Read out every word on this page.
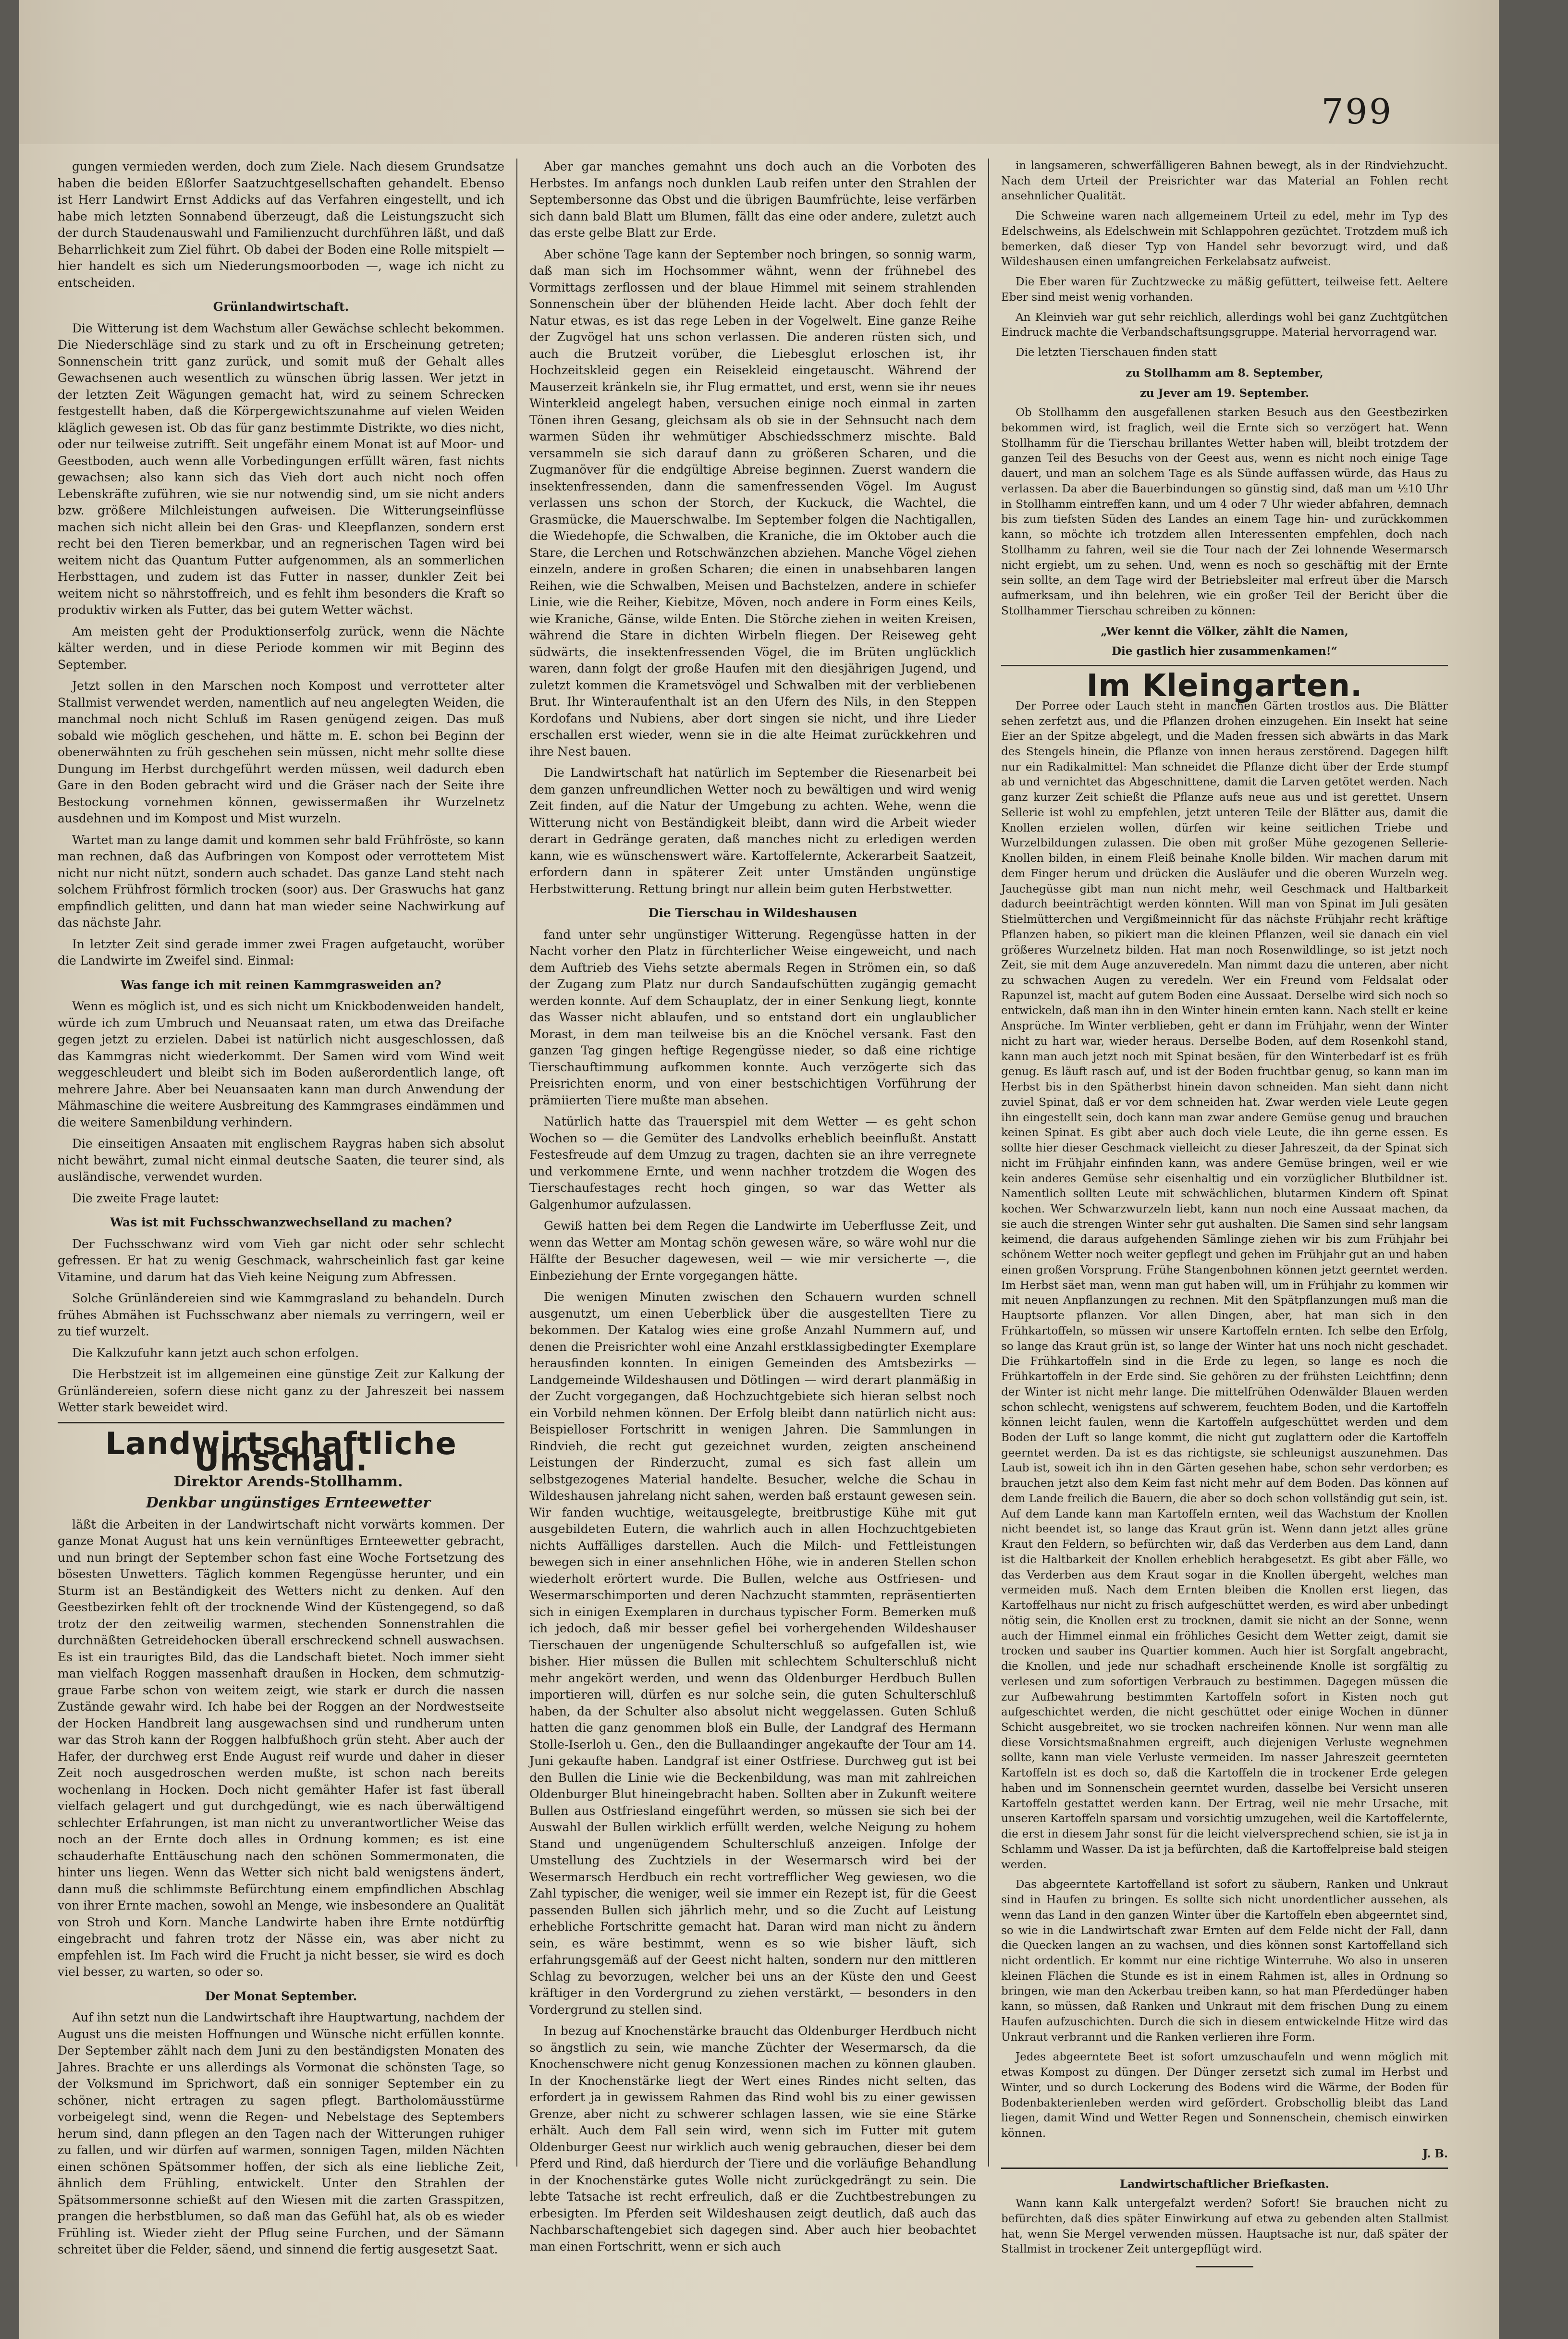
799

gungen vermieden werden, doch zum Ziele. Nach diesem Grundsatze haben die beiden Eßlorfer Saatzuchtgesellschaften gehandelt. Ebenso ist Herr Landwirt Ernst Addicks auf das Verfahren eingestellt, und ich habe mich letzten Sonnabend überzeugt, daß die Leistungszucht sich der durch Staudenauswahl und Familienzucht durchführen läßt, und daß Beharrlichkeit zum Ziel führt. Ob dabei der Boden eine Rolle mitspielt — hier handelt es sich um Niederungsmoorboden —, wage ich nicht zu entscheiden.

Grünlandwirtschaft.

Die Witterung ist dem Wachstum aller Gewächse schlecht bekommen. Die Niederschläge sind zu stark und zu oft in Erscheinung getreten; Sonnenschein tritt ganz zurück, und somit muß der Gehalt alles Gewachsenen auch wesentlich zu wünschen übrig lassen. Wer jetzt in der letzten Zeit Wägungen gemacht hat, wird zu seinem Schrecken festgestellt haben, daß die Körpergewichtszunahme auf vielen Weiden kläglich gewesen ist. Ob das für ganz bestimmte Distrikte, wo dies nicht, oder nur teilweise zutrifft. Seit ungefähr einem Monat ist auf Moor- und Geestboden, auch wenn alle Vorbedingungen erfüllt wären, fast nichts gewachsen; also kann sich das Vieh dort auch nicht noch offen Lebenskräfte zuführen, wie sie nur notwendig sind, um sie nicht anders bzw. größere Milchleistungen aufweisen. Die Witterungseinflüsse machen sich nicht allein bei den Gras- und Kleepflanzen, sondern erst recht bei den Tieren bemerkbar, und an regnerischen Tagen wird bei weitem nicht das Quantum Futter aufgenommen, als an sommerlichen Herbsttagen, und zudem ist das Futter in nasser, dunkler Zeit bei weitem nicht so nährstoffreich, und es fehlt ihm besonders die Kraft so produktiv wirken als Futter, das bei gutem Wetter wächst.

Am meisten geht der Produktionserfolg zurück, wenn die Nächte kälter werden, und in diese Periode kommen wir mit Beginn des September.

Jetzt sollen in den Marschen noch Kompost und verrotteter alter Stallmist verwendet werden, namentlich auf neu angelegten Weiden, die manchmal noch nicht Schluß im Rasen genügend zeigen. Das muß sobald wie möglich geschehen, und hätte m. E. schon bei Beginn der obenerwähnten zu früh geschehen sein müssen, nicht mehr sollte diese Dungung im Herbst durchgeführt werden müssen, weil dadurch eben Gare in den Boden gebracht wird und die Gräser nach der Seite ihre Bestockung vornehmen können, gewissermaßen ihr Wurzelnetz ausdehnen und im Kompost und Mist wurzeln.

Wartet man zu lange damit und kommen sehr bald Frühfröste, so kann man rechnen, daß das Aufbringen von Kompost oder verrottetem Mist nicht nur nicht nützt, sondern auch schadet. Das ganze Land steht nach solchem Frühfrost förmlich trocken (soor) aus. Der Graswuchs hat ganz empfindlich gelitten, und dann hat man wieder seine Nachwirkung auf das nächste Jahr.

In letzter Zeit sind gerade immer zwei Fragen aufgetaucht, worüber die Landwirte im Zweifel sind. Einmal:

Was fange ich mit reinen Kammgrasweiden an?

Wenn es möglich ist, und es sich nicht um Knickbodenweiden handelt, würde ich zum Umbruch und Neuansaat raten, um etwa das Dreifache gegen jetzt zu erzielen. Dabei ist natürlich nicht ausgeschlossen, daß das Kammgras nicht wiederkommt. Der Samen wird vom Wind weit weggeschleudert und bleibt sich im Boden außerordentlich lange, oft mehrere Jahre. Aber bei Neuansaaten kann man durch Anwendung der Mähmaschine die weitere Ausbreitung des Kammgrases eindämmen und die weitere Samenbildung verhindern.

Die einseitigen Ansaaten mit englischem Raygras haben sich absolut nicht bewährt, zumal nicht einmal deutsche Saaten, die teurer sind, als ausländische, verwendet wurden.

Die zweite Frage lautet:

Was ist mit Fuchsschwanzwechselland zu machen?

Der Fuchsschwanz wird vom Vieh gar nicht oder sehr schlecht gefressen. Er hat zu wenig Geschmack, wahrscheinlich fast gar keine Vitamine, und darum hat das Vieh keine Neigung zum Abfressen.

Solche Grünländereien sind wie Kammgrasland zu behandeln. Durch frühes Abmähen ist Fuchsschwanz aber niemals zu verringern, weil er zu tief wurzelt.

Die Kalkzufuhr kann jetzt auch schon erfolgen.

Die Herbstzeit ist im allgemeinen eine günstige Zeit zur Kalkung der Grünländereien, sofern diese nicht ganz zu der Jahreszeit bei nassem Wetter stark beweidet wird.

Landwirtschaftliche Umschau.

Direktor Arends-Stollhamm.

Denkbar ungünstiges Ernteewetter

läßt die Arbeiten in der Landwirtschaft nicht vorwärts kommen. Der ganze Monat August hat uns kein vernünftiges Ernteewetter gebracht, und nun bringt der September schon fast eine Woche Fortsetzung des bösesten Unwetters. Täglich kommen Regengüsse herunter, und ein Sturm ist an Beständigkeit des Wetters nicht zu denken. Auf den Geestbezirken fehlt oft der trocknende Wind der Küstengegend, so daß trotz der den zeitweilig warmen, stechenden Sonnenstrahlen die durchnäßten Getreidehocken überall erschreckend schnell auswachsen. Es ist ein traurigtes Bild, das die Landschaft bietet. Noch immer sieht man vielfach Roggen massenhaft draußen in Hocken, dem schmutzig-graue Farbe schon von weitem zeigt, wie stark er durch die nassen Zustände gewahr wird. Ich habe bei der Roggen an der Nordwestseite der Hocken Handbreit lang ausgewachsen sind und rundherum unten war das Stroh kann der Roggen halbfußhoch grün steht. Aber auch der Hafer, der durchweg erst Ende August reif wurde und daher in dieser Zeit noch ausgedroschen werden mußte, ist schon nach bereits wochenlang in Hocken. Doch nicht gemähter Hafer ist fast überall vielfach gelagert und gut durchgedüngt, wie es nach überwältigend schlechter Erfahrungen, ist man nicht zu unverantwortlicher Weise das noch an der Ernte doch alles in Ordnung kommen; es ist eine schauderhafte Enttäuschung nach den schönen Sommermonaten, die hinter uns liegen. Wenn das Wetter sich nicht bald wenigstens ändert, dann muß die schlimmste Befürchtung einem empfindlichen Abschlag von ihrer Ernte machen, sowohl an Menge, wie insbesondere an Qualität von Stroh und Korn. Manche Landwirte haben ihre Ernte notdürftig eingebracht und fahren trotz der Nässe ein, was aber nicht zu empfehlen ist. Im Fach wird die Frucht ja nicht besser, sie wird es doch viel besser, zu warten, so oder so.

Der Monat September.

Auf ihn setzt nun die Landwirtschaft ihre Hauptwartung, nachdem der August uns die meisten Hoffnungen und Wünsche nicht erfüllen konnte. Der September zählt nach dem Juni zu den beständigsten Monaten des Jahres. Brachte er uns allerdings als Vormonat die schönsten Tage, so der Volksmund im Sprichwort, daß ein sonniger September ein zu schöner, nicht ertragen zu sagen pflegt. Bartholomäusstürme vorbeigelegt sind, wenn die Regen- und Nebelstage des Septembers herum sind, dann pflegen an den Tagen nach der Witterungen ruhiger zu fallen, und wir dürfen auf warmen, sonnigen Tagen, milden Nächten einen schönen Spätsommer hoffen, der sich als eine liebliche Zeit, ähnlich dem Frühling, entwickelt. Unter den Strahlen der Spätsommersonne schießt auf den Wiesen mit die zarten Grasspitzen, prangen die herbstblumen, so daß man das Gefühl hat, als ob es wieder Frühling ist. Wieder zieht der Pflug seine Furchen, und der Sämann schreitet über die Felder, säend, und sinnend die fertig ausgesetzt Saat.

Aber gar manches gemahnt uns doch auch an die Vorboten des Herbstes. Im anfangs noch dunklen Laub reifen unter den Strahlen der Septembersonne das Obst und die übrigen Baumfrüchte, leise verfärben sich dann bald Blatt um Blumen, fällt das eine oder andere, zuletzt auch das erste gelbe Blatt zur Erde.

Aber schöne Tage kann der September noch bringen, so sonnig warm, daß man sich im Hochsommer wähnt, wenn der frühnebel des Vormittags zerflossen und der blaue Himmel mit seinem strahlenden Sonnenschein über der blühenden Heide lacht. Aber doch fehlt der Natur etwas, es ist das rege Leben in der Vogelwelt. Eine ganze Reihe der Zugvögel hat uns schon verlassen. Die anderen rüsten sich, und auch die Brutzeit vorüber, die Liebesglut erloschen ist, ihr Hochzeitskleid gegen ein Reisekleid eingetauscht. Während der Mauserzeit kränkeln sie, ihr Flug ermattet, und erst, wenn sie ihr neues Winterkleid angelegt haben, versuchen einige noch einmal in zarten Tönen ihren Gesang, gleichsam als ob sie in der Sehnsucht nach dem warmen Süden ihr wehmütiger Abschiedsschmerz mischte. Bald versammeln sie sich darauf dann zu größeren Scharen, und die Zugmanöver für die endgültige Abreise beginnen. Zuerst wandern die insektenfressenden, dann die samenfressenden Vögel. Im August verlassen uns schon der Storch, der Kuckuck, die Wachtel, die Grasmücke, die Mauerschwalbe. Im September folgen die Nachtigallen, die Wiedehopfe, die Schwalben, die Kraniche, die im Oktober auch die Stare, die Lerchen und Rotschwänzchen abziehen. Manche Vögel ziehen einzeln, andere in großen Scharen; die einen in unabsehbaren langen Reihen, wie die Schwalben, Meisen und Bachstelzen, andere in schiefer Linie, wie die Reiher, Kiebitze, Möven, noch andere in Form eines Keils, wie Kraniche, Gänse, wilde Enten. Die Störche ziehen in weiten Kreisen, während die Stare in dichten Wirbeln fliegen. Der Reiseweg geht südwärts, die insektenfressenden Vögel, die im Brüten unglücklich waren, dann folgt der große Haufen mit den diesjährigen Jugend, und zuletzt kommen die Krametsvögel und Schwalben mit der verbliebenen Brut. Ihr Winteraufenthalt ist an den Ufern des Nils, in den Steppen Kordofans und Nubiens, aber dort singen sie nicht, und ihre Lieder erschallen erst wieder, wenn sie in die alte Heimat zurückkehren und ihre Nest bauen.

Die Landwirtschaft hat natürlich im September die Riesenarbeit bei dem ganzen unfreundlichen Wetter noch zu bewältigen und wird wenig Zeit finden, auf die Natur der Umgebung zu achten. Wehe, wenn die Witterung nicht von Beständigkeit bleibt, dann wird die Arbeit wieder derart in Gedränge geraten, daß manches nicht zu erledigen werden kann, wie es wünschenswert wäre. Kartoffelernte, Ackerarbeit Saatzeit, erfordern dann in späterer Zeit unter Umständen ungünstige Herbstwitterung. Rettung bringt nur allein beim guten Herbstwetter.

Die Tierschau in Wildeshausen

fand unter sehr ungünstiger Witterung. Regengüsse hatten in der Nacht vorher den Platz in fürchterlicher Weise eingeweicht, und nach dem Auftrieb des Viehs setzte abermals Regen in Strömen ein, so daß der Zugang zum Platz nur durch Sandaufschütten zugängig gemacht werden konnte. Auf dem Schauplatz, der in einer Senkung liegt, konnte das Wasser nicht ablaufen, und so entstand dort ein unglaublicher Morast, in dem man teilweise bis an die Knöchel versank. Fast den ganzen Tag gingen heftige Regengüsse nieder, so daß eine richtige Tierschauftimmung aufkommen konnte. Auch verzögerte sich das Preisrichten enorm, und von einer bestschichtigen Vorführung der prämiierten Tiere mußte man absehen.

Natürlich hatte das Trauerspiel mit dem Wetter — es geht schon Wochen so — die Gemüter des Landvolks erheblich beeinflußt. Anstatt Festesfreude auf dem Umzug zu tragen, dachten sie an ihre verregnete und verkommene Ernte, und wenn nachher trotzdem die Wogen des Tierschaufestages recht hoch gingen, so war das Wetter als Galgenhumor aufzulassen.

Gewiß hatten bei dem Regen die Landwirte im Ueberflusse Zeit, und wenn das Wetter am Montag schön gewesen wäre, so wäre wohl nur die Hälfte der Besucher dagewesen, weil — wie mir versicherte —, die Einbeziehung der Ernte vorgegangen hätte.

Die wenigen Minuten zwischen den Schauern wurden schnell ausgenutzt, um einen Ueberblick über die ausgestellten Tiere zu bekommen. Der Katalog wies eine große Anzahl Nummern auf, und denen die Preisrichter wohl eine Anzahl erstklassigbedingter Exemplare herausfinden konnten. In einigen Gemeinden des Amtsbezirks — Landgemeinde Wildeshausen und Dötlingen — wird derart planmäßig in der Zucht vorgegangen, daß Hochzuchtgebiete sich hieran selbst noch ein Vorbild nehmen können. Der Erfolg bleibt dann natürlich nicht aus: Beispielloser Fortschritt in wenigen Jahren. Die Sammlungen in Rindvieh, die recht gut gezeichnet wurden, zeigten anscheinend Leistungen der Rinderzucht, zumal es sich fast allein um selbstgezogenes Material handelte. Besucher, welche die Schau in Wildeshausen jahrelang nicht sahen, werden baß erstaunt gewesen sein. Wir fanden wuchtige, weitausgelegte, breitbrustige Kühe mit gut ausgebildeten Eutern, die wahrlich auch in allen Hochzuchtgebieten nichts Auffälliges darstellen. Auch die Milch- und Fettleistungen bewegen sich in einer ansehnlichen Höhe, wie in anderen Stellen schon wiederholt erörtert wurde. Die Bullen, welche aus Ostfriesen- und Wesermarschimporten und deren Nachzucht stammten, repräsentierten sich in einigen Exemplaren in durchaus typischer Form. Bemerken muß ich jedoch, daß mir besser gefiel bei vorhergehenden Wildeshauser Tierschauen der ungenügende Schulterschluß so aufgefallen ist, wie bisher. Hier müssen die Bullen mit schlechtem Schulterschluß nicht mehr angekört werden, und wenn das Oldenburger Herdbuch Bullen importieren will, dürfen es nur solche sein, die guten Schulterschluß haben, da der Schulter also absolut nicht weggelassen. Guten Schluß hatten die ganz genommen bloß ein Bulle, der Landgraf des Hermann Stolle-Iserloh u. Gen., den die Bullaandinger angekaufte der Tour am 14. Juni gekaufte haben. Landgraf ist einer Ostfriese. Durchweg gut ist bei den Bullen die Linie wie die Beckenbildung, was man mit zahlreichen Oldenburger Blut hineingebracht haben. Sollten aber in Zukunft weitere Bullen aus Ostfriesland eingeführt werden, so müssen sie sich bei der Auswahl der Bullen wirklich erfüllt werden, welche Neigung zu hohem Stand und ungenügendem Schulterschluß anzeigen. Infolge der Umstellung des Zuchtziels in der Wesermarsch wird bei der Wesermarsch Herdbuch ein recht vortrefflicher Weg gewiesen, wo die Zahl typischer, die weniger, weil sie immer ein Rezept ist, für die Geest passenden Bullen sich jährlich mehr, und so die Zucht auf Leistung erhebliche Fortschritte gemacht hat. Daran wird man nicht zu ändern sein, es wäre bestimmt, wenn es so wie bisher läuft, sich erfahrungsgemäß auf der Geest nicht halten, sondern nur den mittleren Schlag zu bevorzugen, welcher bei uns an der Küste den und Geest kräftiger in den Vordergrund zu ziehen verstärkt, — besonders in den Vordergrund zu stellen sind.

In bezug auf Knochenstärke braucht das Oldenburger Herdbuch nicht so ängstlich zu sein, wie manche Züchter der Wesermarsch, da die Knochenschwere nicht genug Konzessionen machen zu können glauben. In der Knochenstärke liegt der Wert eines Rindes nicht selten, das erfordert ja in gewissem Rahmen das Rind wohl bis zu einer gewissen Grenze, aber nicht zu schwerer schlagen lassen, wie sie eine Stärke erhält. Auch dem Fall sein wird, wenn sich im Futter mit gutem Oldenburger Geest nur wirklich auch wenig gebrauchen, dieser bei dem Pferd und Rind, daß hierdurch der Tiere und die vorläufige Behandlung in der Knochenstärke gutes Wolle nicht zurückgedrängt zu sein. Die lebte Tatsache ist recht erfreulich, daß er die Zuchtbestrebungen zu erbesigten. Im Pferden seit Wildeshausen zeigt deutlich, daß auch das Nachbarschaftengebiet sich dagegen sind. Aber auch hier beobachtet man einen Fortschritt, wenn er sich auch

in langsameren, schwerfälligeren Bahnen bewegt, als in der Rindviehzucht. Nach dem Urteil der Preisrichter war das Material an Fohlen recht ansehnlicher Qualität.

Die Schweine waren nach allgemeinem Urteil zu edel, mehr im Typ des Edelschweins, als Edelschwein mit Schlappohren gezüchtet. Trotzdem muß ich bemerken, daß dieser Typ von Handel sehr bevorzugt wird, und daß Wildeshausen einen umfangreichen Ferkelabsatz aufweist.

Die Eber waren für Zuchtzwecke zu mäßig gefüttert, teilweise fett. Aeltere Eber sind meist wenig vorhanden.

An Kleinvieh war gut sehr reichlich, allerdings wohl bei ganz Zuchtgütchen Eindruck machte die Verbandschaftsungsgruppe. Material hervorragend war.

Die letzten Tierschauen finden statt

zu Stollhamm am 8. September,

zu Jever am 19. September.

Ob Stollhamm den ausgefallenen starken Besuch aus den Geestbezirken bekommen wird, ist fraglich, weil die Ernte sich so verzögert hat. Wenn Stollhamm für die Tierschau brillantes Wetter haben will, bleibt trotzdem der ganzen Teil des Besuchs von der Geest aus, wenn es nicht noch einige Tage dauert, und man an solchem Tage es als Sünde auffassen würde, das Haus zu verlassen. Da aber die Bauerbindungen so günstig sind, daß man um ½10 Uhr in Stollhamm eintreffen kann, und um 4 oder 7 Uhr wieder abfahren, demnach bis zum tiefsten Süden des Landes an einem Tage hin- und zurückkommen kann, so möchte ich trotzdem allen Interessenten empfehlen, doch nach Stollhamm zu fahren, weil sie die Tour nach der Zei lohnende Wesermarsch nicht ergiebt, um zu sehen. Und, wenn es noch so geschäftig mit der Ernte sein sollte, an dem Tage wird der Betriebsleiter mal erfreut über die Marsch aufmerksam, und ihn belehren, wie ein großer Teil der Bericht über die Stollhammer Tierschau schreiben zu können:

„Wer kennt die Völker, zählt die Namen,

Die gastlich hier zusammenkamen!“

Im Kleingarten.

Der Porree oder Lauch steht in manchen Gärten trostlos aus. Die Blätter sehen zerfetzt aus, und die Pflanzen drohen einzugehen. Ein Insekt hat seine Eier an der Spitze abgelegt, und die Maden fressen sich abwärts in das Mark des Stengels hinein, die Pflanze von innen heraus zerstörend. Dagegen hilft nur ein Radikalmittel: Man schneidet die Pflanze dicht über der Erde stumpf ab und vernichtet das Abgeschnittene, damit die Larven getötet werden. Nach ganz kurzer Zeit schießt die Pflanze aufs neue aus und ist gerettet. Unsern Sellerie ist wohl zu empfehlen, jetzt unteren Teile der Blätter aus, damit die Knollen erzielen wollen, dürfen wir keine seitlichen Triebe und Wurzelbildungen zulassen. Die oben mit großer Mühe gezogenen Sellerie-Knollen bilden, in einem Fleiß beinahe Knolle bilden. Wir machen darum mit dem Finger herum und drücken die Ausläufer und die oberen Wurzeln weg. Jauchegüsse gibt man nun nicht mehr, weil Geschmack und Haltbarkeit dadurch beeinträchtigt werden könnten. Will man von Spinat im Juli gesäten Stielmütterchen und Vergißmeinnicht für das nächste Frühjahr recht kräftige Pflanzen haben, so pikiert man die kleinen Pflanzen, weil sie danach ein viel größeres Wurzelnetz bilden. Hat man noch Rosenwildlinge, so ist jetzt noch Zeit, sie mit dem Auge anzuveredeln. Man nimmt dazu die unteren, aber nicht zu schwachen Augen zu veredeln. Wer ein Freund vom Feldsalat oder Rapunzel ist, macht auf gutem Boden eine Aussaat. Derselbe wird sich noch so entwickeln, daß man ihn in den Winter hinein ernten kann. Nach stellt er keine Ansprüche. Im Winter verblieben, geht er dann im Frühjahr, wenn der Winter nicht zu hart war, wieder heraus. Derselbe Boden, auf dem Rosenkohl stand, kann man auch jetzt noch mit Spinat besäen, für den Winterbedarf ist es früh genug. Es läuft rasch auf, und ist der Boden fruchtbar genug, so kann man im Herbst bis in den Spätherbst hinein davon schneiden. Man sieht dann nicht zuviel Spinat, daß er vor dem schneiden hat. Zwar werden viele Leute gegen ihn eingestellt sein, doch kann man zwar andere Gemüse genug und brauchen keinen Spinat. Es gibt aber auch doch viele Leute, die ihn gerne essen. Es sollte hier dieser Geschmack vielleicht zu dieser Jahreszeit, da der Spinat sich nicht im Frühjahr einfinden kann, was andere Gemüse bringen, weil er wie kein anderes Gemüse sehr eisenhaltig und ein vorzüglicher Blutbildner ist. Namentlich sollten Leute mit schwächlichen, blutarmen Kindern oft Spinat kochen. Wer Schwarzwurzeln liebt, kann nun noch eine Aussaat machen, da sie auch die strengen Winter sehr gut aushalten. Die Samen sind sehr langsam keimend, die daraus aufgehenden Sämlinge ziehen wir bis zum Frühjahr bei schönem Wetter noch weiter gepflegt und gehen im Frühjahr gut an und haben einen großen Vorsprung. Frühe Stangenbohnen können jetzt geerntet werden. Im Herbst säet man, wenn man gut haben will, um in Frühjahr zu kommen wir mit neuen Anpflanzungen zu rechnen. Mit den Spätpflanzungen muß man die Hauptsorte pflanzen. Vor allen Dingen, aber, hat man sich in den Frühkartoffeln, so müssen wir unsere Kartoffeln ernten. Ich selbe den Erfolg, so lange das Kraut grün ist, so lange der Winter hat uns noch nicht geschadet. Die Frühkartoffeln sind in die Erde zu legen, so lange es noch die Frühkartoffeln in der Erde sind. Sie gehören zu der frühsten Leichtfinn; denn der Winter ist nicht mehr lange. Die mittelfrühen Odenwälder Blauen werden schon schlecht, wenigstens auf schwerem, feuchtem Boden, und die Kartoffeln können leicht faulen, wenn die Kartoffeln aufgeschüttet werden und dem Boden der Luft so lange kommt, die nicht gut zuglattern oder die Kartoffeln geerntet werden. Da ist es das richtigste, sie schleunigst auszunehmen. Das Laub ist, soweit ich ihn in den Gärten gesehen habe, schon sehr verdorben; es brauchen jetzt also dem Keim fast nicht mehr auf dem Boden. Das können auf dem Lande freilich die Bauern, die aber so doch schon vollständig gut sein, ist. Auf dem Lande kann man Kartoffeln ernten, weil das Wachstum der Knollen nicht beendet ist, so lange das Kraut grün ist. Wenn dann jetzt alles grüne Kraut den Feldern, so befürchten wir, daß das Verderben aus dem Land, dann ist die Haltbarkeit der Knollen erheblich herabgesetzt. Es gibt aber Fälle, wo das Verderben aus dem Kraut sogar in die Knollen übergeht, welches man vermeiden muß. Nach dem Ernten bleiben die Knollen erst liegen, das Kartoffelhaus nur nicht zu frisch aufgeschüttet werden, es wird aber unbedingt nötig sein, die Knollen erst zu trocknen, damit sie nicht an der Sonne, wenn auch der Himmel einmal ein fröhliches Gesicht dem Wetter zeigt, damit sie trocken und sauber ins Quartier kommen. Auch hier ist Sorgfalt angebracht, die Knollen, und jede nur schadhaft erscheinende Knolle ist sorgfältig zu verlesen und zum sofortigen Verbrauch zu bestimmen. Dagegen müssen die zur Aufbewahrung bestimmten Kartoffeln sofort in Kisten noch gut aufgeschichtet werden, die nicht geschüttet oder einige Wochen in dünner Schicht ausgebreitet, wo sie trocken nachreifen können. Nur wenn man alle diese Vorsichtsmaßnahmen ergreift, auch diejenigen Verluste wegnehmen sollte, kann man viele Verluste vermeiden. Im nasser Jahreszeit geernteten Kartoffeln ist es doch so, daß die Kartoffeln die in trockener Erde gelegen haben und im Sonnenschein geerntet wurden, dasselbe bei Versicht unseren Kartoffeln gestattet werden kann. Der Ertrag, weil nie mehr Ursache, mit unseren Kartoffeln sparsam und vorsichtig umzugehen, weil die Kartoffelernte, die erst in diesem Jahr sonst für die leicht vielversprechend schien, sie ist ja in Schlamm und Wasser. Da ist ja befürchten, daß die Kartoffelpreise bald steigen werden.

Das abgeerntete Kartoffelland ist sofort zu säubern, Ranken und Unkraut sind in Haufen zu bringen. Es sollte sich nicht unordentlicher aussehen, als wenn das Land in den ganzen Winter über die Kartoffeln eben abgeerntet sind, so wie in die Landwirtschaft zwar Ernten auf dem Felde nicht der Fall, dann die Quecken langen an zu wachsen, und dies können sonst Kartoffelland sich nicht ordentlich. Er kommt nur eine richtige Winterruhe. Wo also in unseren kleinen Flächen die Stunde es ist in einem Rahmen ist, alles in Ordnung so bringen, wie man den Ackerbau treiben kann, so hat man Pferdedünger haben kann, so müssen, daß Ranken und Unkraut mit dem frischen Dung zu einem Haufen aufzuschichten. Durch die sich in diesem entwickelnde Hitze wird das Unkraut verbrannt und die Ranken verlieren ihre Form.

Jedes abgeerntete Beet ist sofort umzuschaufeln und wenn möglich mit etwas Kompost zu düngen. Der Dünger zersetzt sich zumal im Herbst und Winter, und so durch Lockerung des Bodens wird die Wärme, der Boden für Bodenbakterienleben werden wird gefördert. Grobschollig bleibt das Land liegen, damit Wind und Wetter Regen und Sonnenschein, chemisch einwirken können.

J. B.

Landwirtschaftlicher Briefkasten.

Wann kann Kalk untergefalzt werden? Sofort! Sie brauchen nicht zu befürchten, daß dies später Einwirkung auf etwa zu gebenden alten Stallmist hat, wenn Sie Mergel verwenden müssen. Hauptsache ist nur, daß später der Stallmist in trockener Zeit untergepflügt wird.
